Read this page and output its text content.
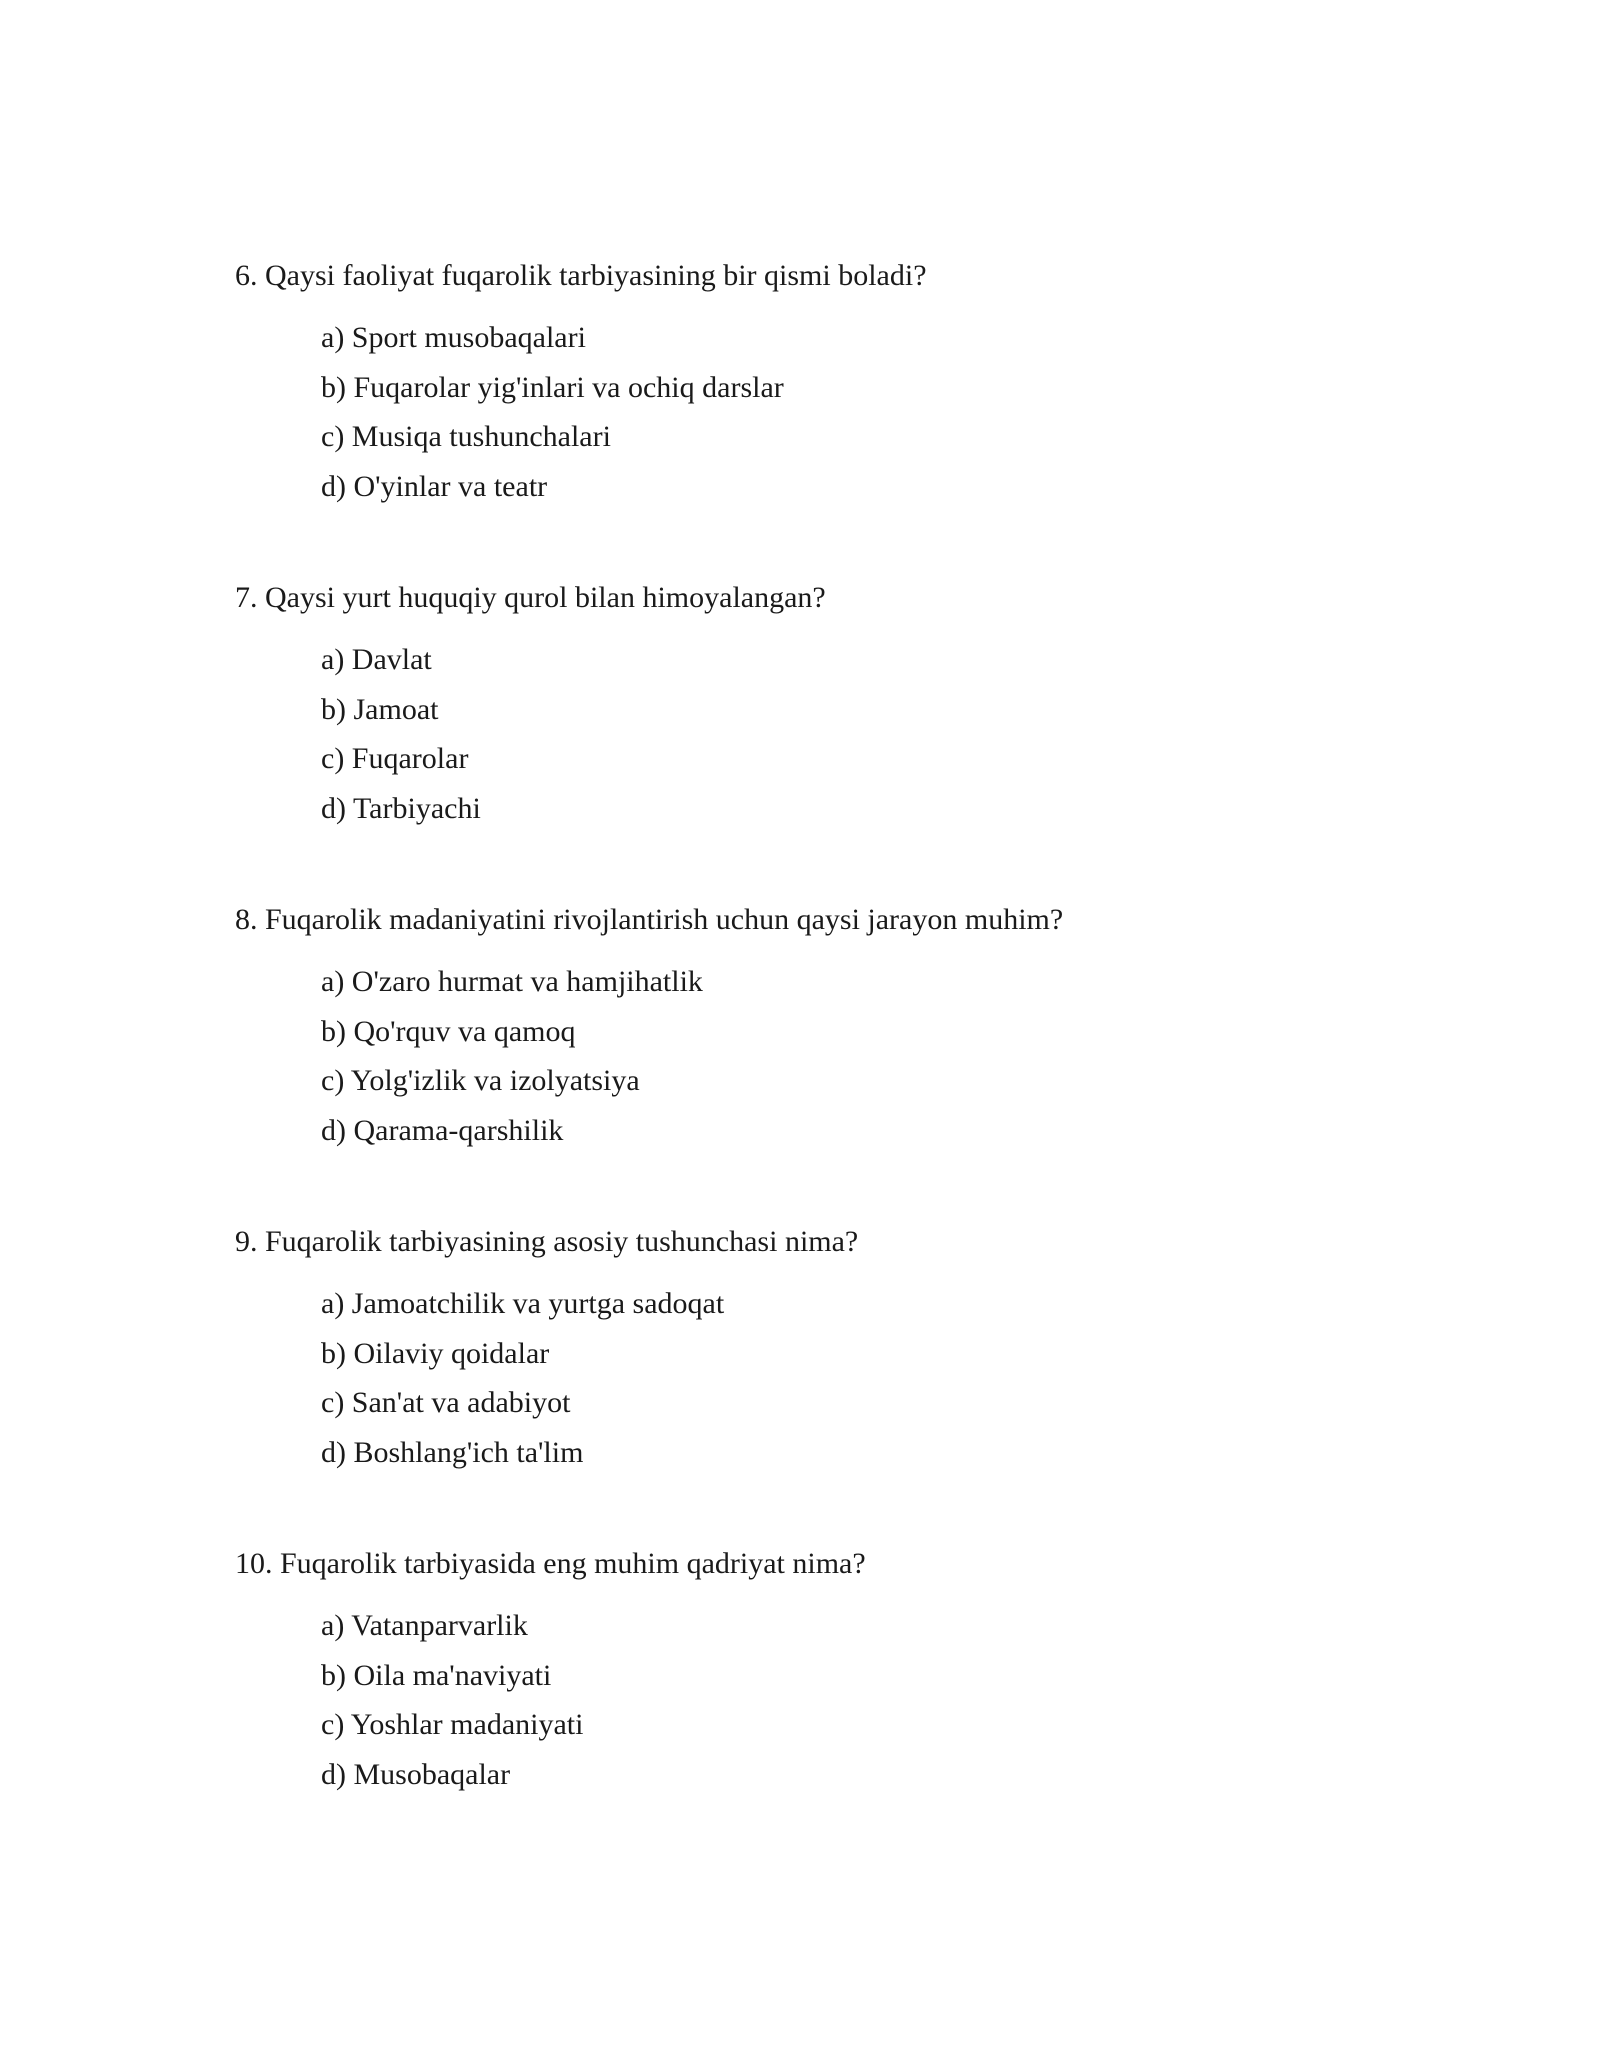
6. Qaysi faoliyat fuqarolik tarbiyasining bir qismi boladi?

a) Sport musobaqalari
b) Fuqarolar yig'inlari va ochiq darslar
c) Musiqa tushunchalari
d) O'yinlar va teatr

7. Qaysi yurt huquqiy qurol bilan himoyalangan?

a) Davlat
b) Jamoat
c) Fuqarolar
d) Tarbiyachi

8. Fuqarolik madaniyatini rivojlantirish uchun qaysi jarayon muhim?

a) O'zaro hurmat va hamjihatlik
b) Qo'rquv va qamoq
c) Yolg'izlik va izolyatsiya
d) Qarama-qarshilik

9. Fuqarolik tarbiyasining asosiy tushunchasi nima?

a) Jamoatchilik va yurtga sadoqat
b) Oilaviy qoidalar
c) San'at va adabiyot
d) Boshlang'ich ta'lim

10. Fuqarolik tarbiyasida eng muhim qadriyat nima?

a) Vatanparvarlik
b) Oila ma'naviyati
c) Yoshlar madaniyati
d) Musobaqalar
